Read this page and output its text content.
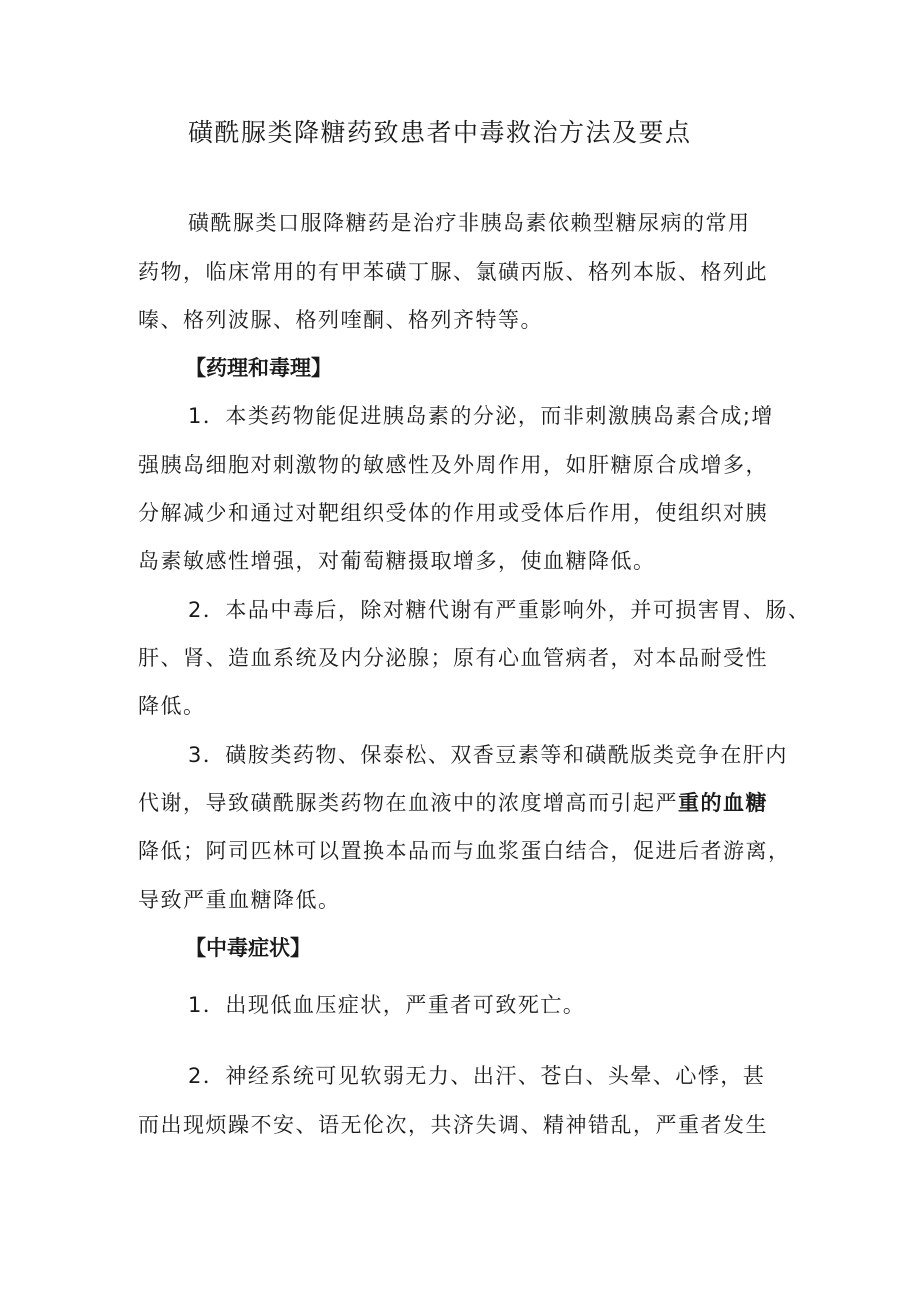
磺酰脲类降糖药致患者中毒救治方法及要点
磺酰脲类口服降糖药是治疗非胰岛素依赖型糖尿病的常用
药物，临床常用的有甲苯磺丁脲、氯磺丙版、格列本版、格列此
嗪、格列波脲、格列喹酮、格列齐特等。
【药理和毒理】
1．本类药物能促进胰岛素的分泌，而非刺激胰岛素合成;增
强胰岛细胞对刺激物的敏感性及外周作用，如肝糖原合成增多，
分解减少和通过对靶组织受体的作用或受体后作用，使组织对胰
岛素敏感性增强，对葡萄糖摄取增多，使血糖降低。
2．本品中毒后，除对糖代谢有严重影响外，并可损害胃、肠、
肝、肾、造血系统及内分泌腺；原有心血管病者，对本品耐受性
降低。
3．磺胺类药物、保泰松、双香豆素等和磺酰版类竞争在肝内
代谢，导致磺酰脲类药物在血液中的浓度增高而引起严重的血糖
降低；阿司匹林可以置换本品而与血浆蛋白结合，促进后者游离，
导致严重血糖降低。
【中毒症状】
1．出现低血压症状，严重者可致死亡。
2．神经系统可见软弱无力、出汗、苍白、头晕、心悸，甚
而出现烦躁不安、语无伦次，共济失调、精神错乱，严重者发生
